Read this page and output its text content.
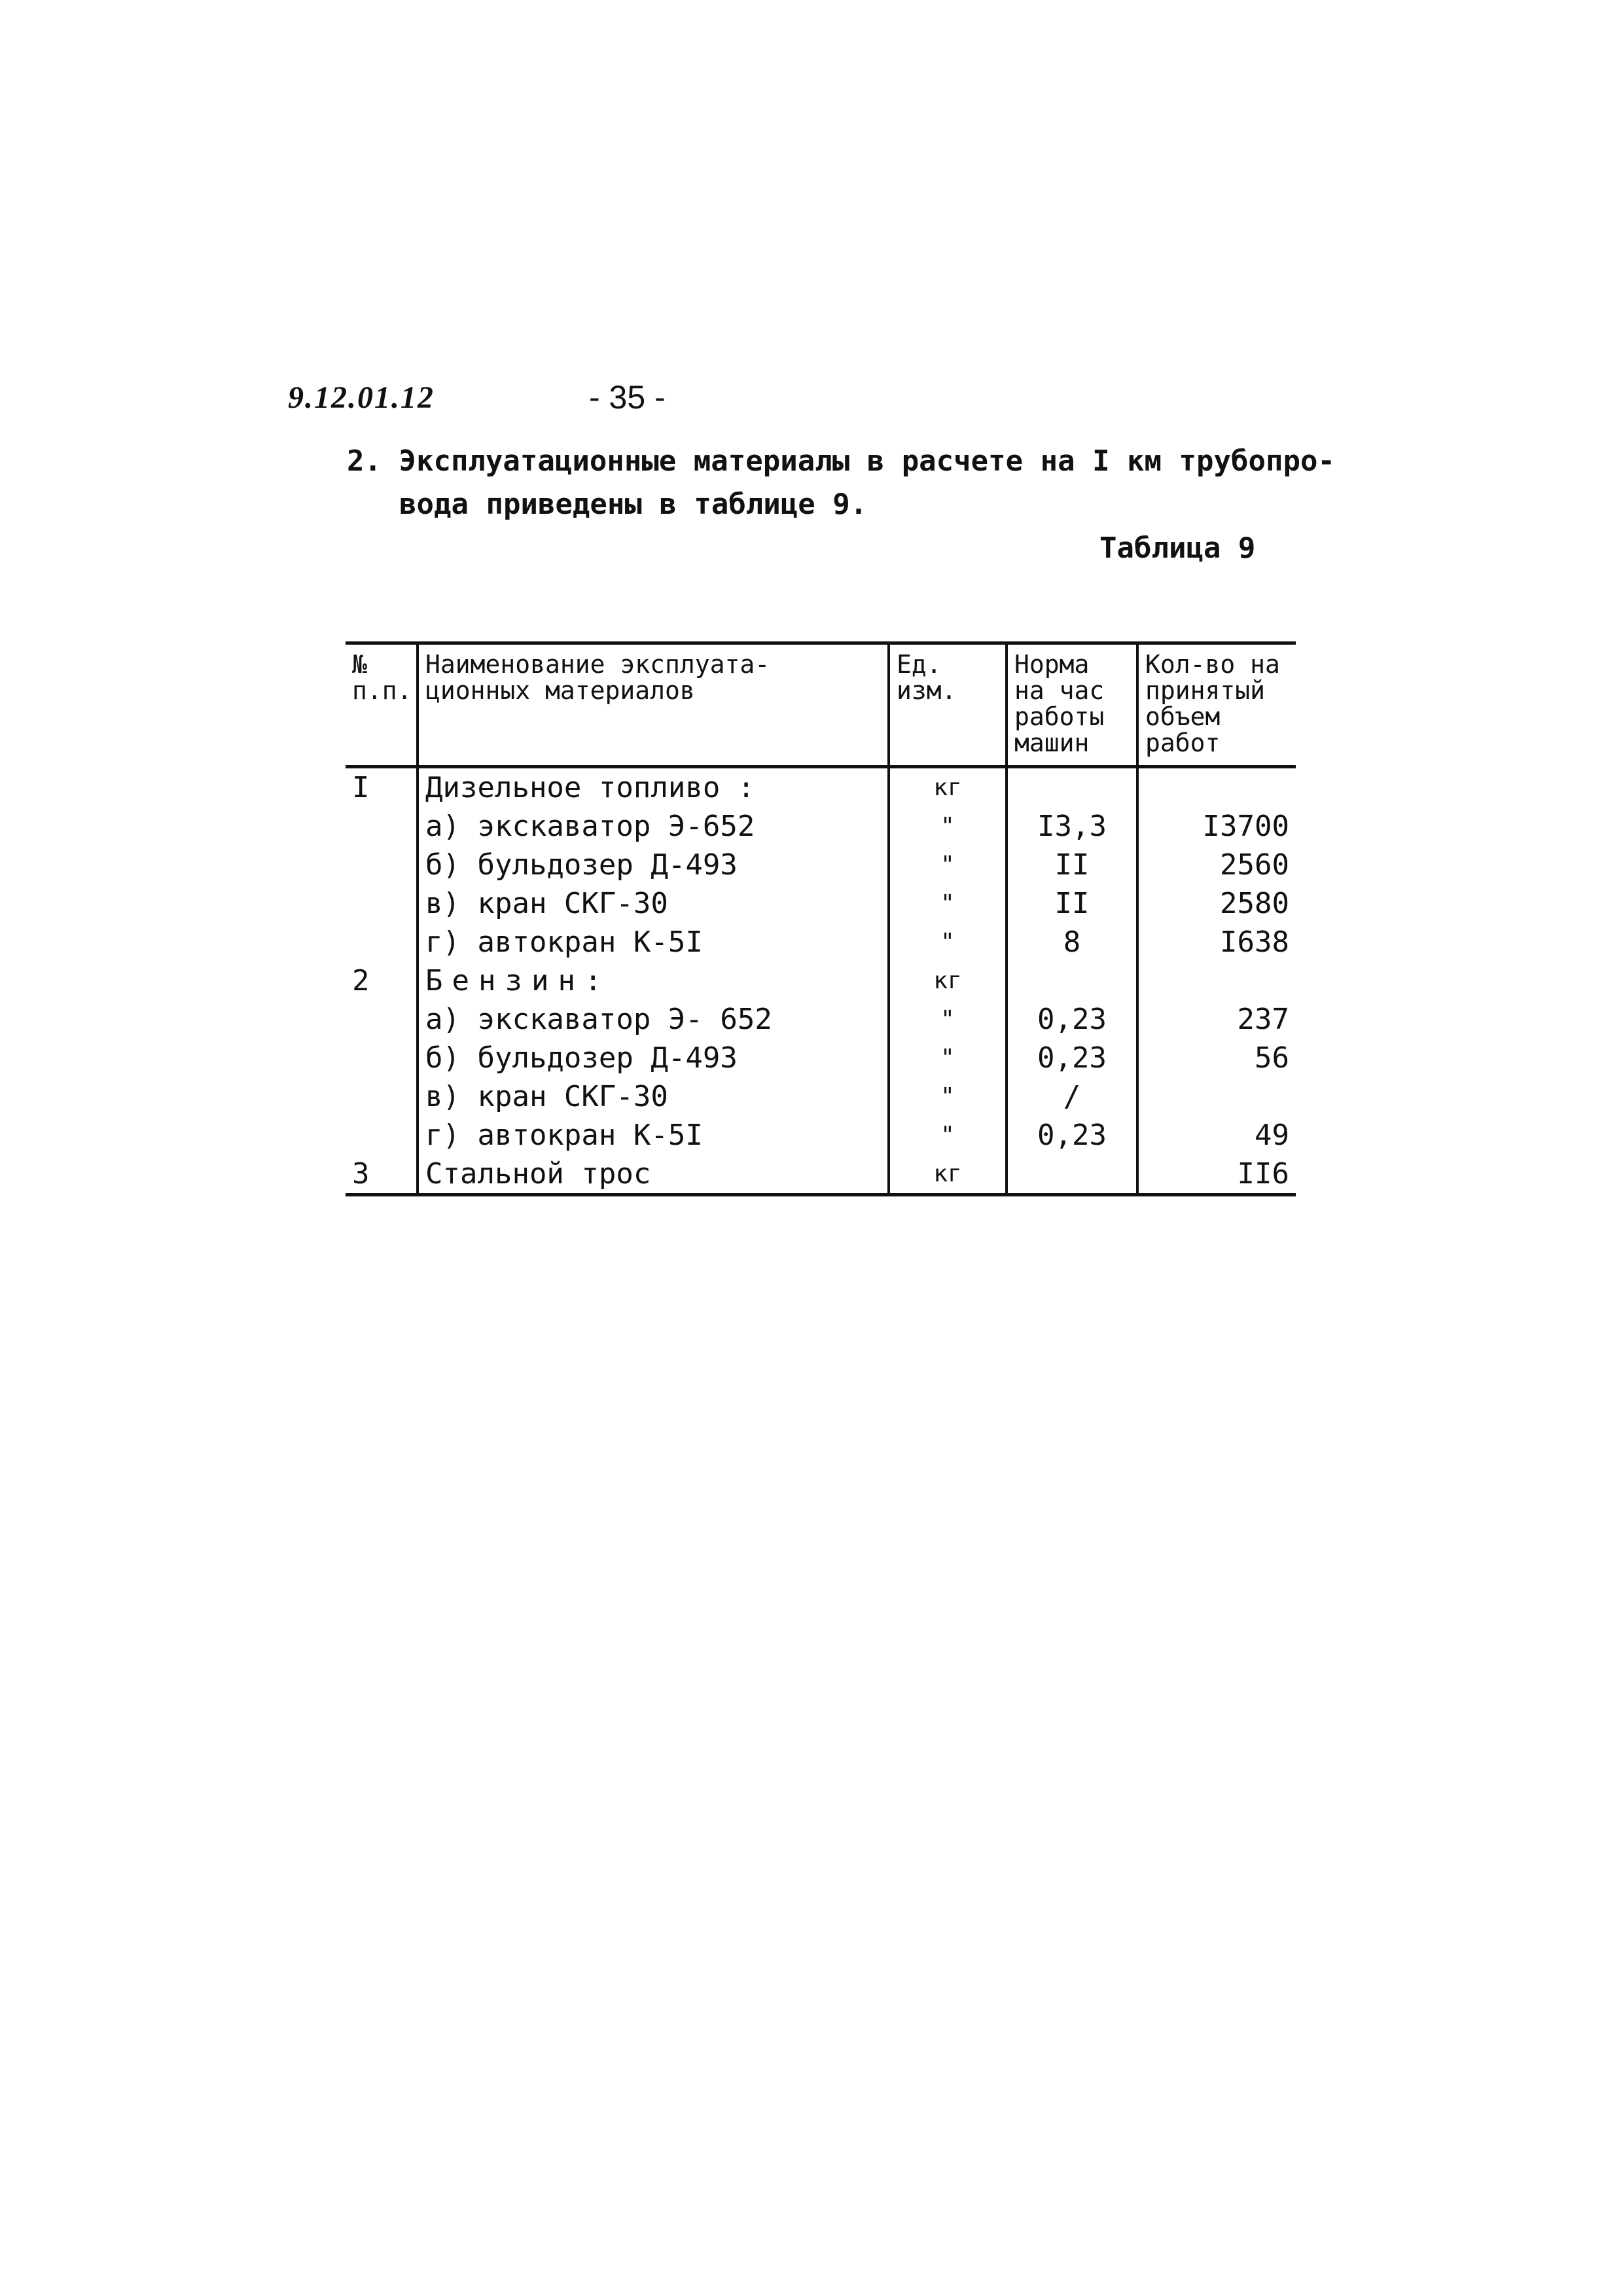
9.12.01.12	- 35 -
2. Эксплуатационные материалы в расчете на I км трубопро-
вода приведены в таблице 9.
Таблица 9
№ п.п.	Наименование эксплуата- ционных материалов	Ед. изм.	Норма на час работы машин	Кол-во на принятый объем работ
I	Дизельное топливо :	кг		
	а) экскаватор Э-652	"	I3,3	I3700
	б) бульдозер Д-493	"	II	2560
	в) кран СКГ-30	"	II	2580
	г) автокран К-5I	"	8	I638
2	Бензин:	кг		
	а) экскаватор Э- 652	"	0,23	237
	б) бульдозер Д-493	"	0,23	56
	в) кран СКГ-30	"	/	
	г) автокран К-5I	"	0,23	49
3	Стальной трос	кг		II6
